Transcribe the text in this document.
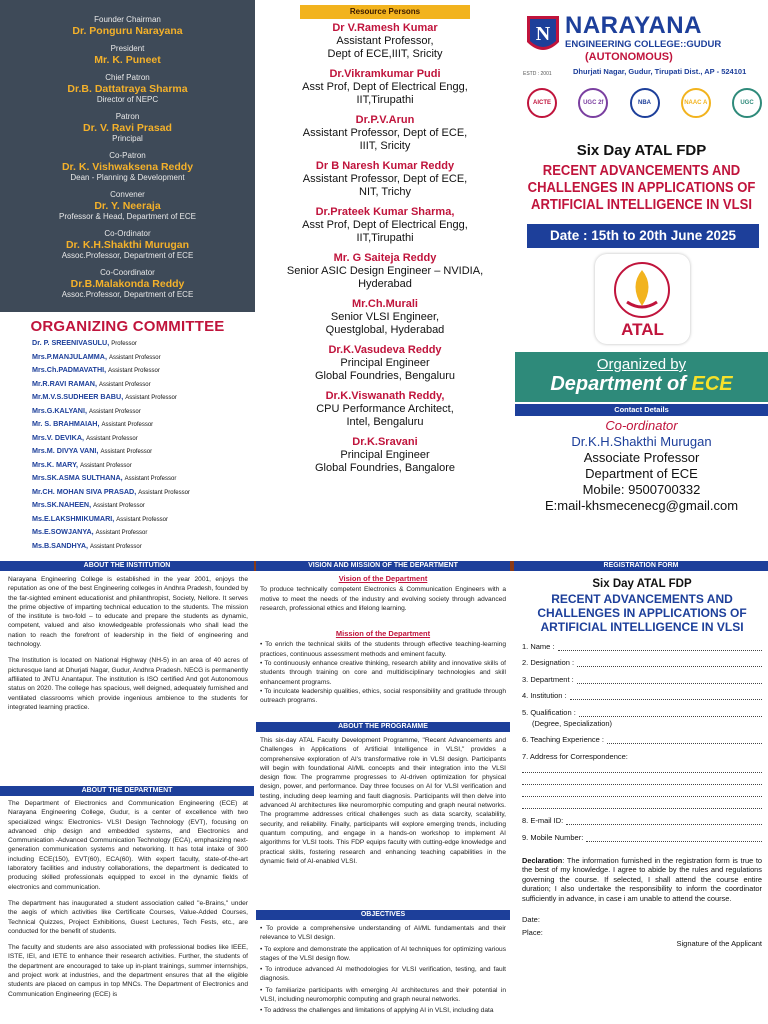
Founder Chairman
Dr. Ponguru Narayana
President
Mr. K. Puneet
Chief Patron
Dr.B. Dattatraya Sharma
Director of NEPC
Patron
Dr. V. Ravi Prasad
Principal
Co-Patron
Dr. K. Vishwaksena Reddy
Dean - Planning & Development
Convener
Dr. Y. Neeraja
Professor & Head, Department of ECE
Co-Ordinator
Dr. K.H.Shakthi Murugan
Assoc.Professor, Department of ECE
Co-Coordinator
Dr.B.Malakonda Reddy
Assoc.Professor, Department of ECE
ORGANIZING COMMITTEE
Dr. P. SREENIVASULU, Professor
Mrs.P.MANJULAMMA, Assistant Professor
Mrs.Ch.PADMAVATHI, Assistant Professor
Mr.R.RAVI RAMAN, Assistant Professor
Mr.M.V.S.SUDHEER BABU, Assistant Professor
Mrs.G.KALYANI, Assistant Professor
Mr. S. BRAHMAIAH, Assistant Professor
Mrs.V. DEVIKA, Assistant Professor
Mrs.M. DIVYA VANI, Assistant Professor
Mrs.K. MARY, Assistant Professor
Mrs.SK.ASMA SULTHANA, Assistant Professor
Mr.CH. MOHAN SIVA PRASAD, Assistant Professor
Mrs.SK.NAHEEN, Assistant Professor
Ms.E.LAKSHMIKUMARI, Assistant Professor
Ms.E.SOWJANYA, Assistant Professor
Ms.B.SANDHYA, Assistant Professor
Resource Persons
Dr V.Ramesh Kumar
Assistant Professor,
Dept of ECE,IIIT, Sricity
Dr.Vikramkumar Pudi
Asst Prof, Dept of Electrical Engg,
IIT,Tirupathi
Dr.P.V.Arun
Assistant Professor, Dept of ECE,
IIIT, Sricity
Dr B Naresh Kumar Reddy
Assistant Professor, Dept of ECE,
NIT, Trichy
Dr.Prateek Kumar Sharma,
Asst Prof, Dept of Electrical Engg,
IIT,Tirupathi
Mr. G Saiteja Reddy
Senior ASIC Design Engineer – NVIDIA,
Hyderabad
Mr.Ch.Murali
Senior VLSI Engineer,
Questglobal, Hyderabad
Dr.K.Vasudeva Reddy
Principal Engineer
Global Foundries, Bengaluru
Dr.K.Viswanath Reddy,
CPU Performance Architect,
Intel, Bengaluru
Dr.K.Sravani
Principal Engineer
Global Foundries, Bangalore
N
ESTD : 2001
NARAYANA
ENGINEERING COLLEGE::GUDUR
(AUTONOMOUS)
Dhurjati Nagar, Gudur, Tirupati Dist., AP - 524101
AICTE	UGC 2f	NBA	NAAC A	UGC
Six Day ATAL FDP
RECENT ADVANCEMENTS AND
CHALLENGES IN APPLICATIONS OF
ARTIFICIAL INTELLIGENCE IN VLSI
Date : 15th to 20th June 2025
ATAL
Organized by
Department of ECE
Contact Details
Co-ordinator
Dr.K.H.Shakthi Murugan
Associate Professor
Department of ECE
Mobile: 9500700332
E:mail-khsmecenecg@gmail.com
ABOUT THE INSTITUTION

Narayana Engineering College is established in the year 2001, enjoys the reputation as one of the best Engineering colleges in Andhra Pradesh, founded by the far-sighted eminent educationist and philanthropist, Society, Nellore. It serves the prime objective of imparting technical education to the students. The mission of the institute is two-fold – to educate and prepare the students as dynamic, competent, valued and also knowledgeable professionals who shall lead the nation to reach the forefront of leadership in the field of engineering and technology.

The Institution is located on National Highway (NH-5) in an area of 40 acres of picturesque land at Dhurjati Nagar, Gudur, Andhra Pradesh. NECG is permanently affiliated to JNTU Anantapur. The institution is ISO certified And got Autonomous status on 2020. The college has spacious, well deigned, adequately furnished and ventilated classrooms which provide ingenious ambience to the students for integrated learning practice.

ABOUT THE DEPARTMENT

The Department of Electronics and Communication Engineering (ECE) at Narayana Engineering College, Gudur, is a center of excellence with two specialized wings: Electronics- VLSI Design Technology (EVT), focusing on advanced chip design and embedded systems, and Electronics and Communication -Advanced Communication Technology (ECA), emphasizing next-generation communication systems and networking. It has total intake of 300 including ECE(150), EVT(60), ECA(60). With expert faculty, state-of-the-art laboratory facilities and industry collaborations, the department is dedicated to producing skilled professionals equipped to excel in the dynamic fields of electronics and communication.

The department has inaugurated a student association called "e-Brains," under the aegis of which activities like Certificate Courses, Value-Added Courses, Technical Quizzes, Project Exhibitions, Guest Lectures, Tech Fests, etc., are conducted for the benefit of students.

The faculty and students are also associated with professional bodies like IEEE, ISTE, IEI, and IETE to enhance their research activities. Further, the students of the department are encouraged to take up in-plant trainings, summer internships, and project work at industries, and the department ensures that all the eligible students are placed on campus in top MNCs. The Department of Electronics and Communication Engineering (ECE) is

VISION AND MISSION OF THE DEPARTMENT
Vision of the Department

To produce technically competent Electronics & Communication Engineers with a motive to meet the needs of the industry and evolving society through advanced research, professional ethics and lifelong learning.

Mission of the Department
• To enrich the technical skills of the students through effective teaching-learning practices, continuous assessment methods and eminent faculty.
• To continuously enhance creative thinking, research ability and innovative skills of students through training on core and multidisciplinary technologies and skill enhancement programs.
• To inculcate leadership qualities, ethics, social responsibility and gratitude through outreach programs.
ABOUT THE PROGRAMME
This six-day ATAL Faculty Development Programme, "Recent Advancements and Challenges in Applications of Artificial Intelligence in VLSI," provides a comprehensive exploration of AI's transformative role in VLSI design. Participants will begin with foundational AI/ML concepts and their integration into the VLSI design flow. The programme progresses to AI-driven optimization for physical design, power, and performance. Day three focuses on AI for VLSI verification and testing, including deep learning and fault diagnosis. Participants will then delve into advanced AI architectures like neuromorphic computing and graph neural networks. The programme addresses critical challenges such as data scarcity, scalability, security, and reliability. Finally, participants will explore emerging trends, including quantum computing, and engage in a hands-on workshop to implement AI algorithms for VLSI tools. This FDP equips faculty with cutting-edge knowledge and practical skills, fostering research and enhancing teaching capabilities in the dynamic field of AI-enabled VLSI.
OBJECTIVES
• To provide a comprehensive understanding of AI/ML fundamentals and their relevance to VLSI design.
• To explore and demonstrate the application of AI techniques for optimizing various stages of the VLSI design flow.
• To introduce advanced AI methodologies for VLSI verification, testing, and fault diagnosis.
• To familiarize participants with emerging AI architectures and their potential in VLSI, including neuromorphic computing and graph neural networks.
• To address the challenges and limitations of applying AI in VLSI, including data
REGISTRATION FORM
Six Day ATAL FDP
RECENT ADVANCEMENTS AND
CHALLENGES IN APPLICATIONS OF
ARTIFICIAL INTELLIGENCE IN VLSI
1. Name :
2. Designation :
3. Department :
4. Institution :
5. Qualification :
(Degree, Specialization)
6. Teaching Experience :
7. Address for Correspondence:
8. E-mail ID:
9. Mobile Number:
Declaration: The information furnished in the registration form is true to the best of my knowledge. I agree to abide by the rules and regulations governing the course. If selected, I shall attend the course entire duration; I also undertake the responsibility to inform the coordinator sufficiently in advance, in case i am unable to attend the course.
Date:
Place:
Signature of the Applicant
